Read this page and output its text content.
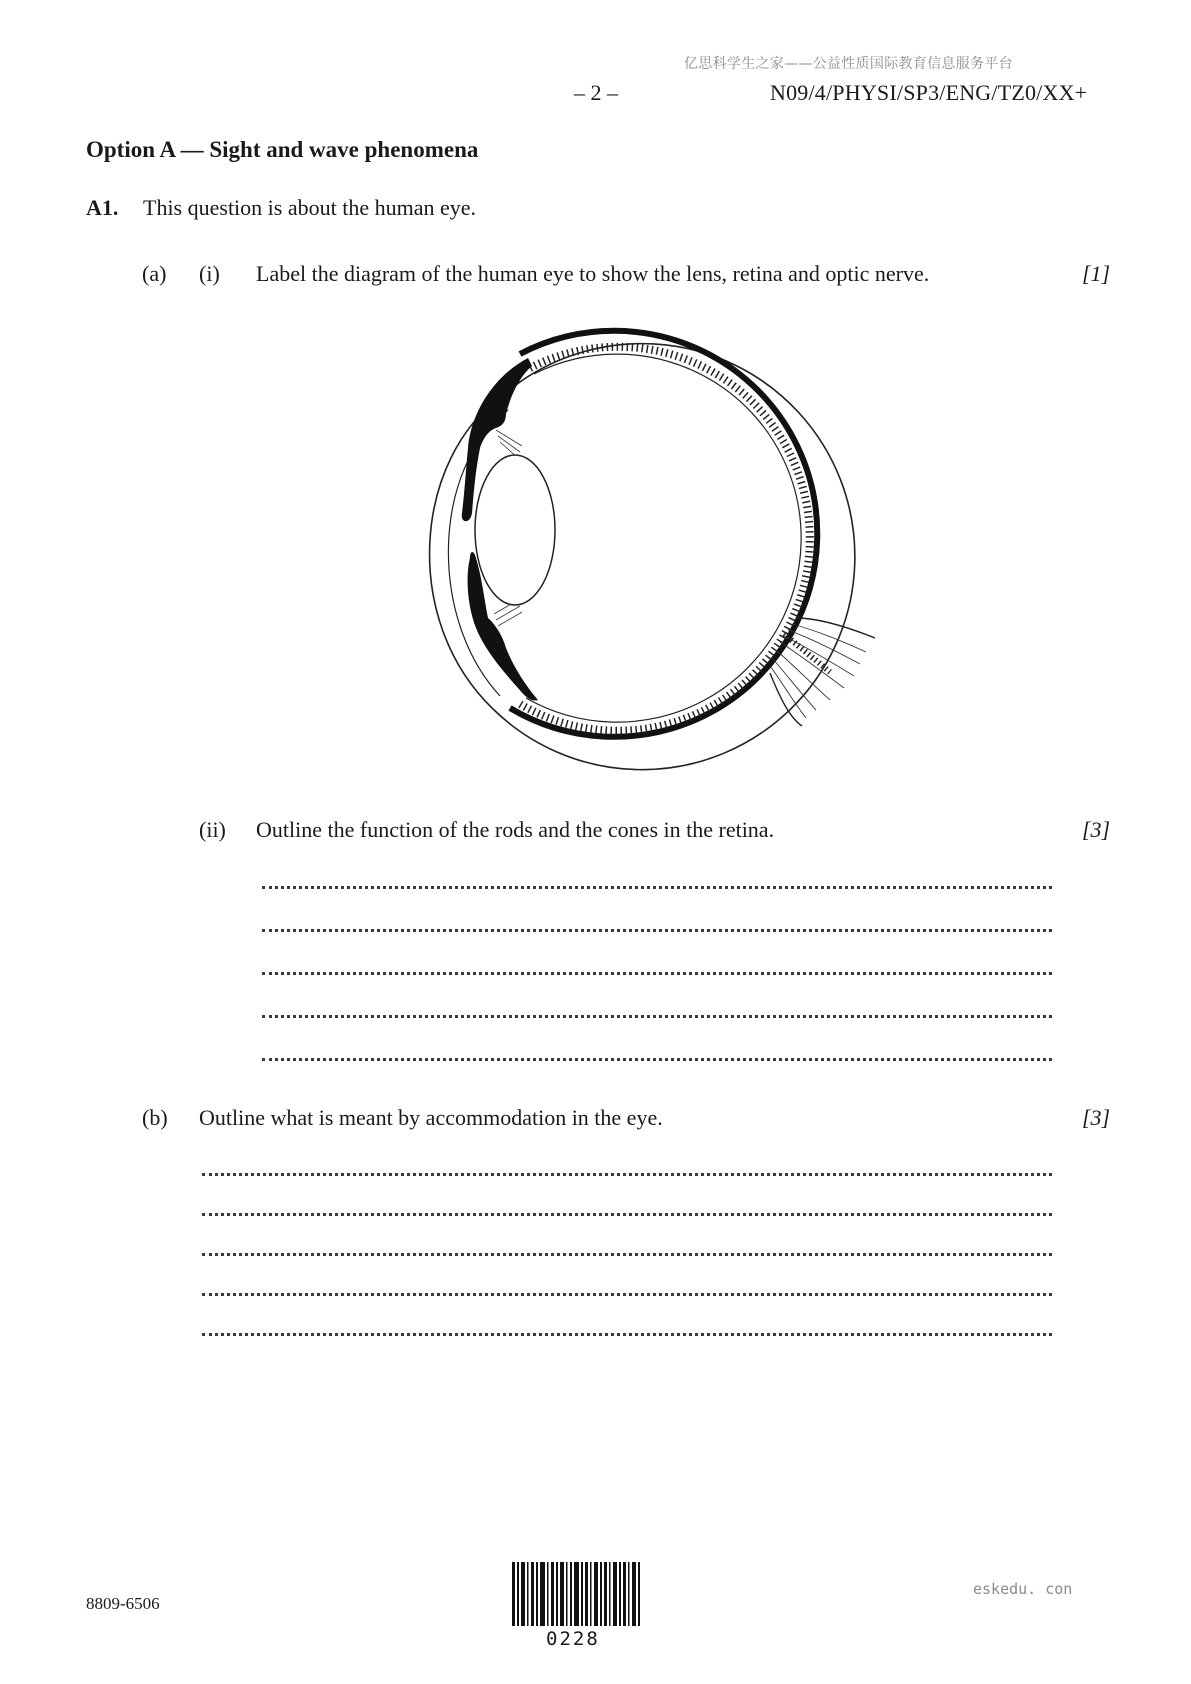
亿思科学生之家——公益性质国际教育信息服务平台
– 2 –	N09/4/PHYSI/SP3/ENG/TZ0/XX+
Option A — Sight and wave phenomena
A1. This question is about the human eye.
(a) (i) Label the diagram of the human eye to show the lens, retina and optic nerve.	[1]
(ii) Outline the function of the rods and the cones in the retina.	[3]
(b) Outline what is meant by accommodation in the eye.	[3]
8809-6506
0228
eskedu. con
